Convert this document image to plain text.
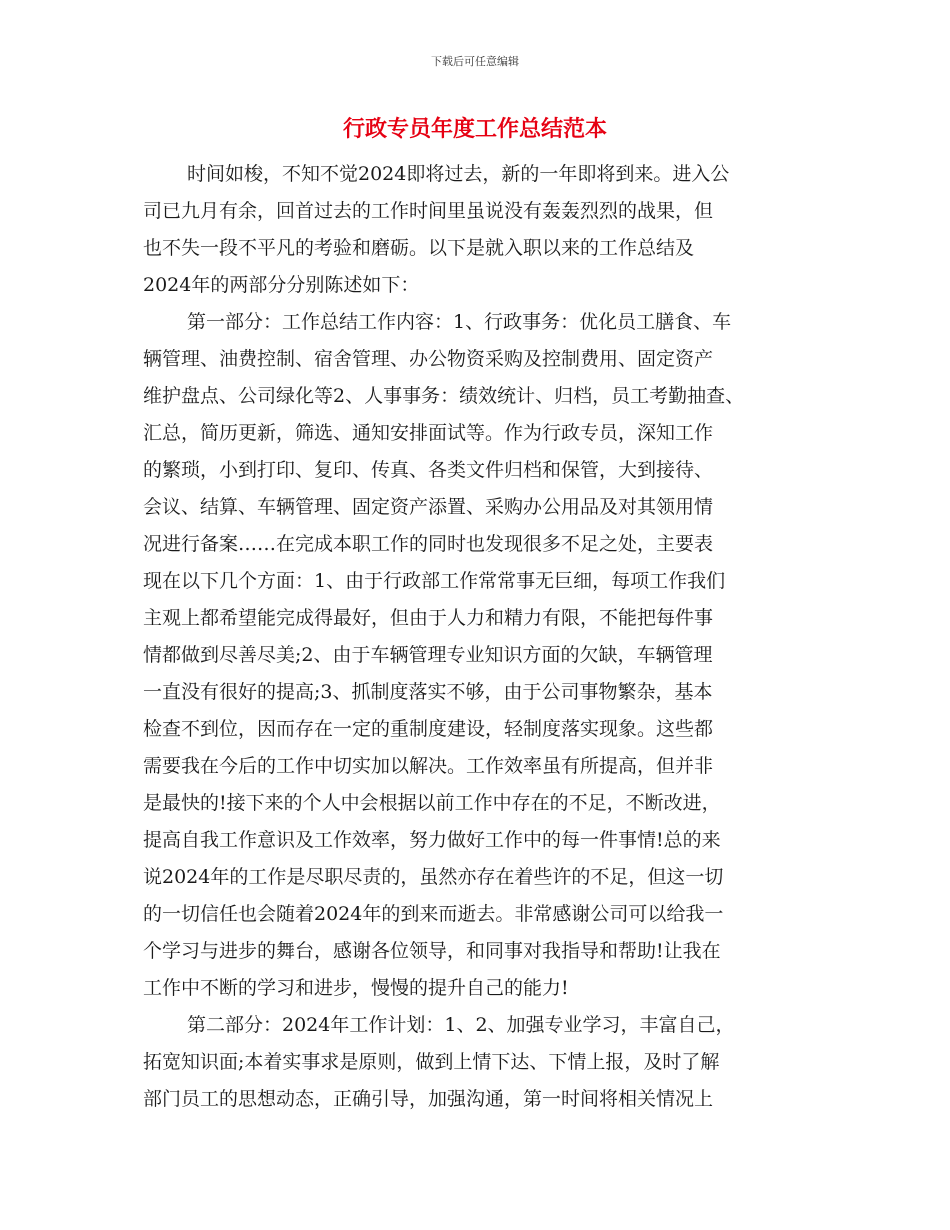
下载后可任意编辑
行政专员年度工作总结范本
时间如梭，不知不觉2024即将过去，新的一年即将到来。进入公
司已九月有余，回首过去的工作时间里虽说没有轰轰烈烈的战果，但
也不失一段不平凡的考验和磨砺。以下是就入职以来的工作总结及
2024年的两部分分别陈述如下：
第一部分：工作总结工作内容：1、行政事务：优化员工膳食、车
辆管理、油费控制、宿舍管理、办公物资采购及控制费用、固定资产
维护盘点、公司绿化等2、人事事务：绩效统计、归档，员工考勤抽查、
汇总，简历更新，筛选、通知安排面试等。作为行政专员，深知工作
的繁琐，小到打印、复印、传真、各类文件归档和保管，大到接待、
会议、结算、车辆管理、固定资产添置、采购办公用品及对其领用情
况进行备案……在完成本职工作的同时也发现很多不足之处，主要表
现在以下几个方面：1、由于行政部工作常常事无巨细，每项工作我们
主观上都希望能完成得最好，但由于人力和精力有限，不能把每件事
情都做到尽善尽美;2、由于车辆管理专业知识方面的欠缺，车辆管理
一直没有很好的提高;3、抓制度落实不够，由于公司事物繁杂，基本
检查不到位，因而存在一定的重制度建设，轻制度落实现象。这些都
需要我在今后的工作中切实加以解决。工作效率虽有所提高，但并非
是最快的!接下来的个人中会根据以前工作中存在的不足，不断改进，
提高自我工作意识及工作效率，努力做好工作中的每一件事情!总的来
说2024年的工作是尽职尽责的，虽然亦存在着些许的不足，但这一切
的一切信任也会随着2024年的到来而逝去。非常感谢公司可以给我一
个学习与进步的舞台，感谢各位领导，和同事对我指导和帮助!让我在
工作中不断的学习和进步，慢慢的提升自己的能力!
第二部分：2024年工作计划：1、2、加强专业学习，丰富自己，
拓宽知识面;本着实事求是原则，做到上情下达、下情上报，及时了解
部门员工的思想动态，正确引导，加强沟通，第一时间将相关情况上
